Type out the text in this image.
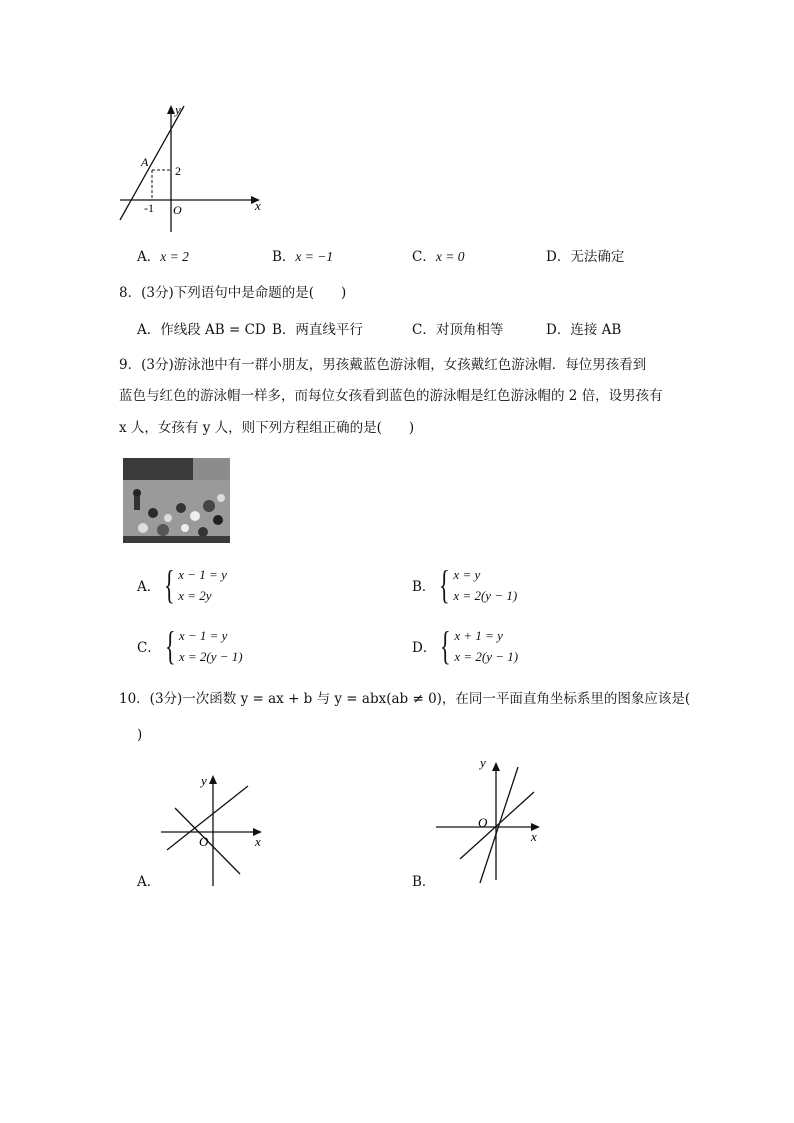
y
x
A
2
-1 O
A．x = 2	B．x = −1	C．x = 0	D．无法确定
8．(3分)下列语句中是命题的是(　　)
A．作线段 AB = CD B．两直线平行	C．对顶角相等	D．连接 AB
9．(3分)游泳池中有一群小朋友，男孩戴蓝色游泳帽，女孩戴红色游泳帽．每位男孩看到
蓝色与红色的游泳帽一样多，而每位女孩看到蓝色的游泳帽是红色游泳帽的 2 倍，设男孩有
x 人，女孩有 y 人，则下列方程组正确的是(　　)
A． { x − 1 = y
x = 2y
B． { x = y
x = 2(y − 1)
C． { x − 1 = y
x = 2(y − 1)
D． { x + 1 = y
x = 2(y − 1)
10．(3分)一次函数 y = ax + b 与 y = abx(ab ≠ 0)，在同一平面直角坐标系里的图象应该是(
)
y
x
O
A．
y
x
O
B．
